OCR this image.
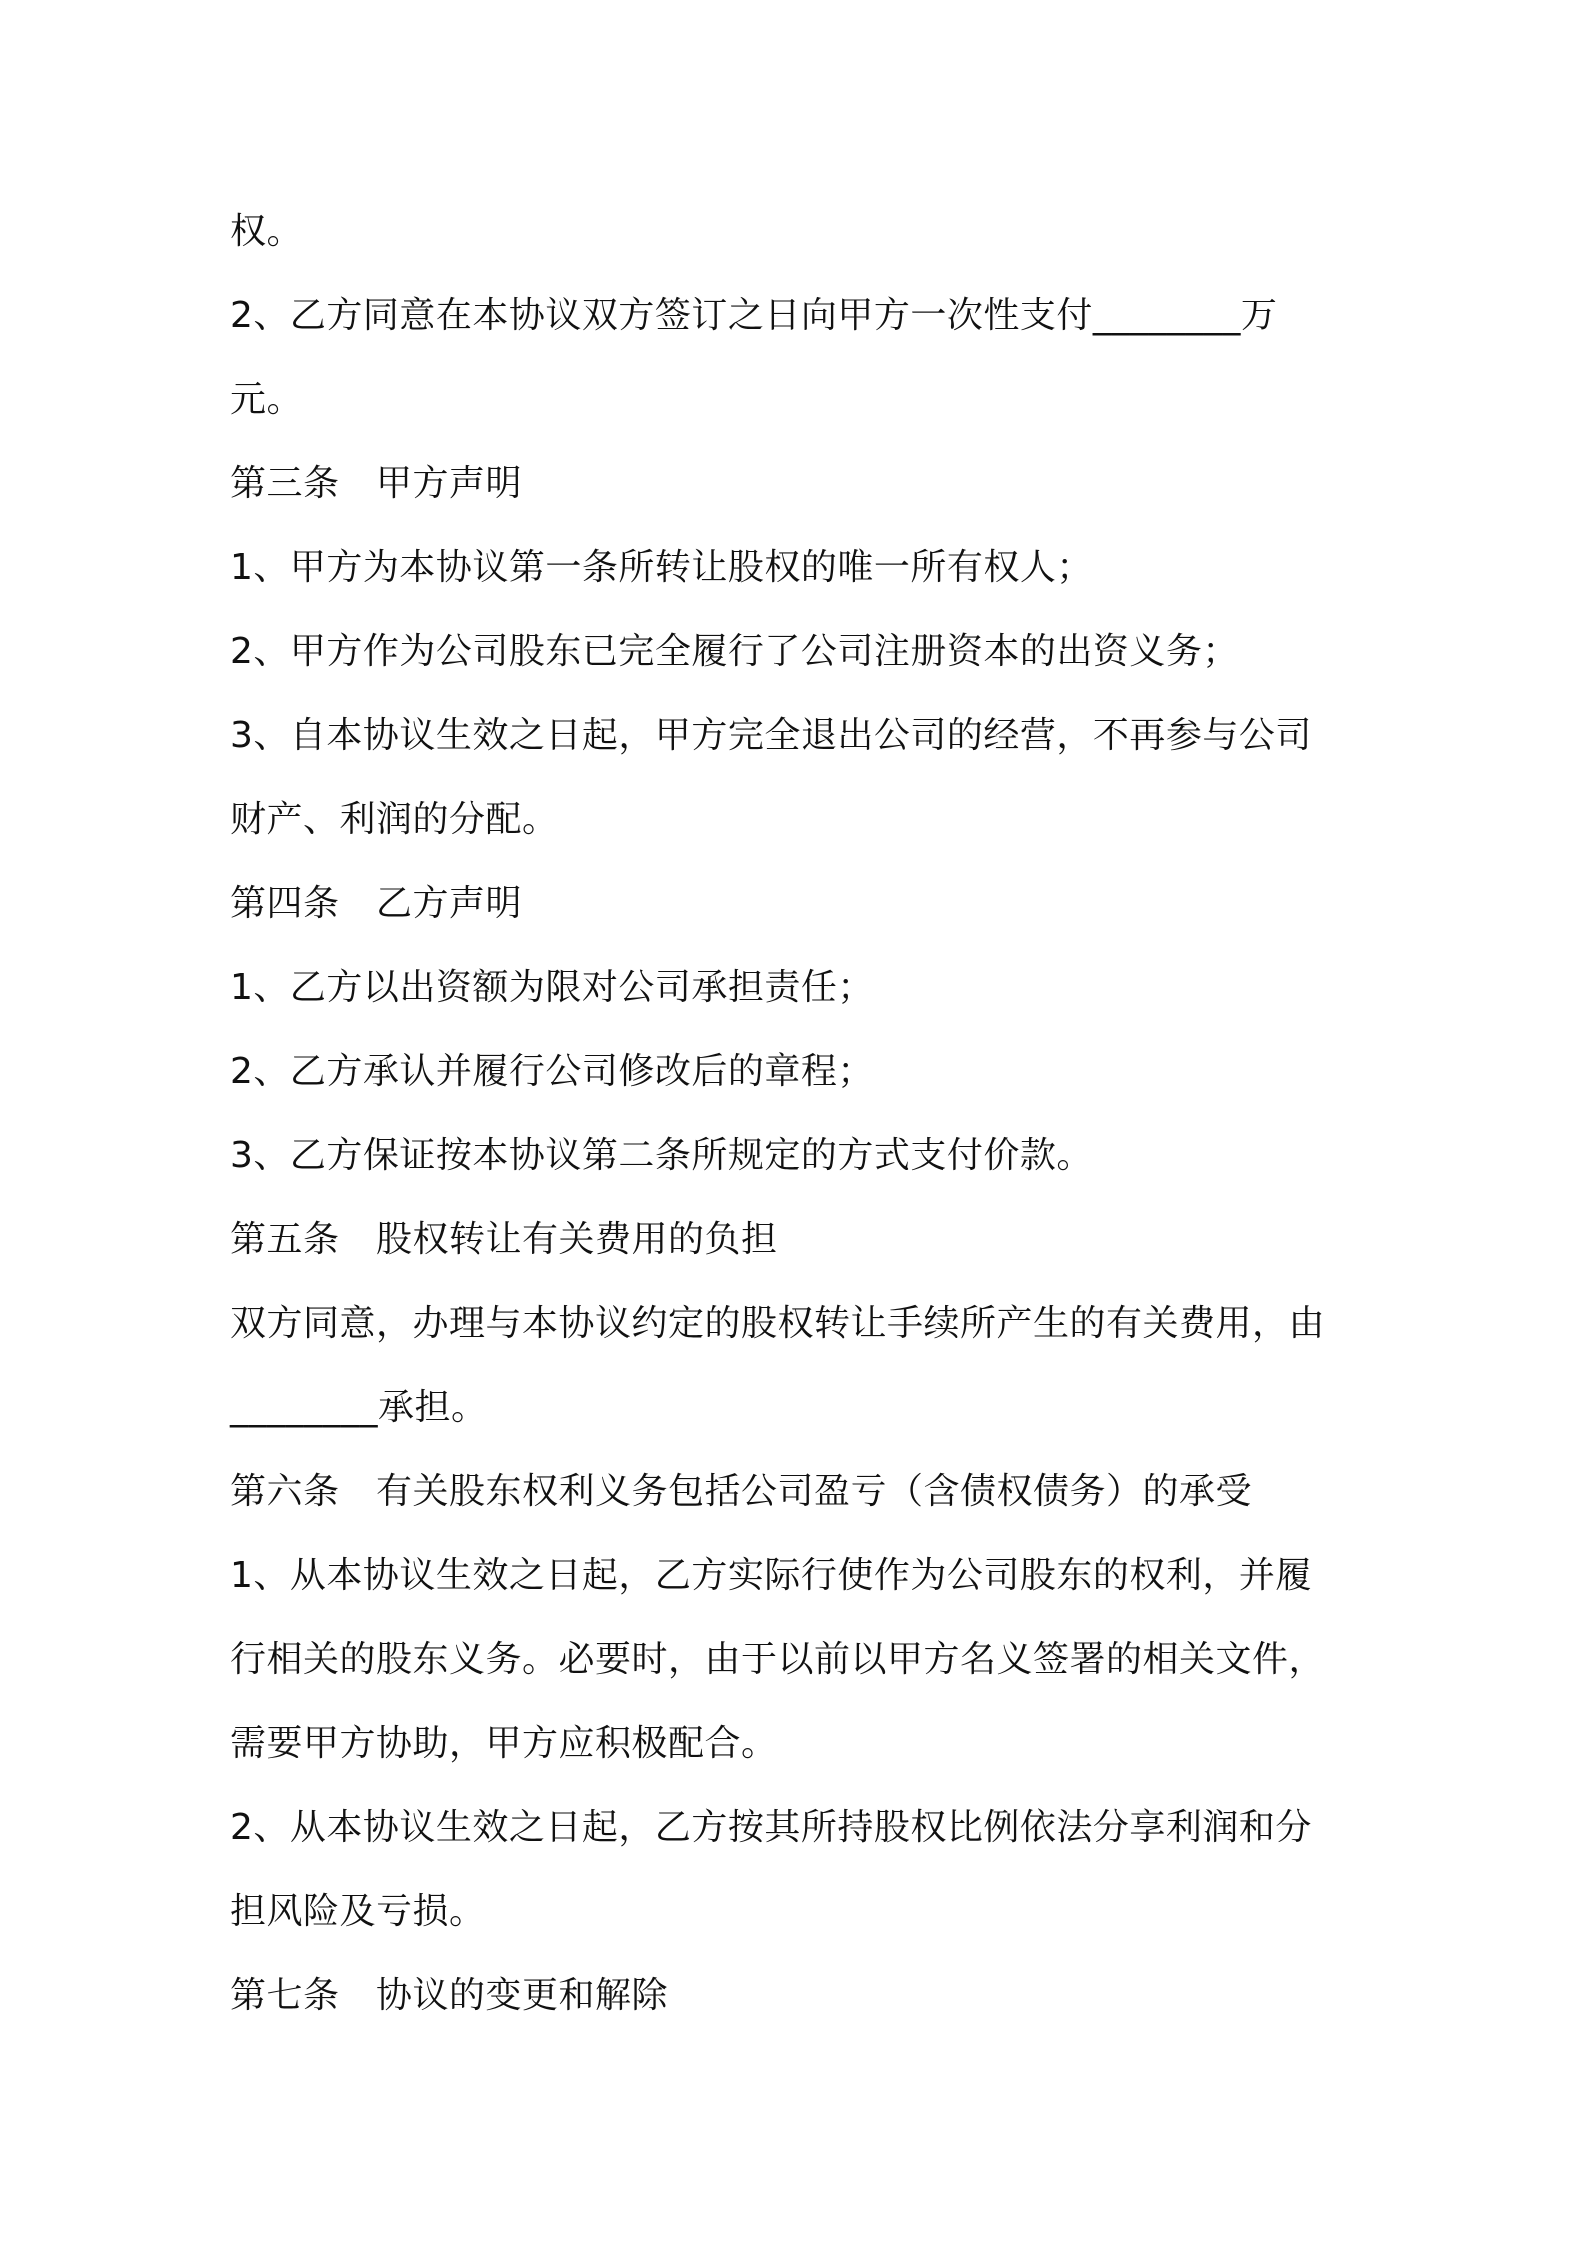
权。
2、乙方同意在本协议双方签订之日向甲方一次性支付________万
元。
第三条　甲方声明
1、甲方为本协议第一条所转让股权的唯一所有权人；
2、甲方作为公司股东已完全履行了公司注册资本的出资义务；
3、自本协议生效之日起，甲方完全退出公司的经营，不再参与公司
财产、利润的分配。
第四条　乙方声明
1、乙方以出资额为限对公司承担责任；
2、乙方承认并履行公司修改后的章程；
3、乙方保证按本协议第二条所规定的方式支付价款。
第五条　股权转让有关费用的负担
双方同意，办理与本协议约定的股权转让手续所产生的有关费用，由
________承担。
第六条　有关股东权利义务包括公司盈亏（含债权债务）的承受
1、从本协议生效之日起，乙方实际行使作为公司股东的权利，并履
行相关的股东义务。必要时，由于以前以甲方名义签署的相关文件，
需要甲方协助，甲方应积极配合。
2、从本协议生效之日起，乙方按其所持股权比例依法分享利润和分
担风险及亏损。
第七条　协议的变更和解除
